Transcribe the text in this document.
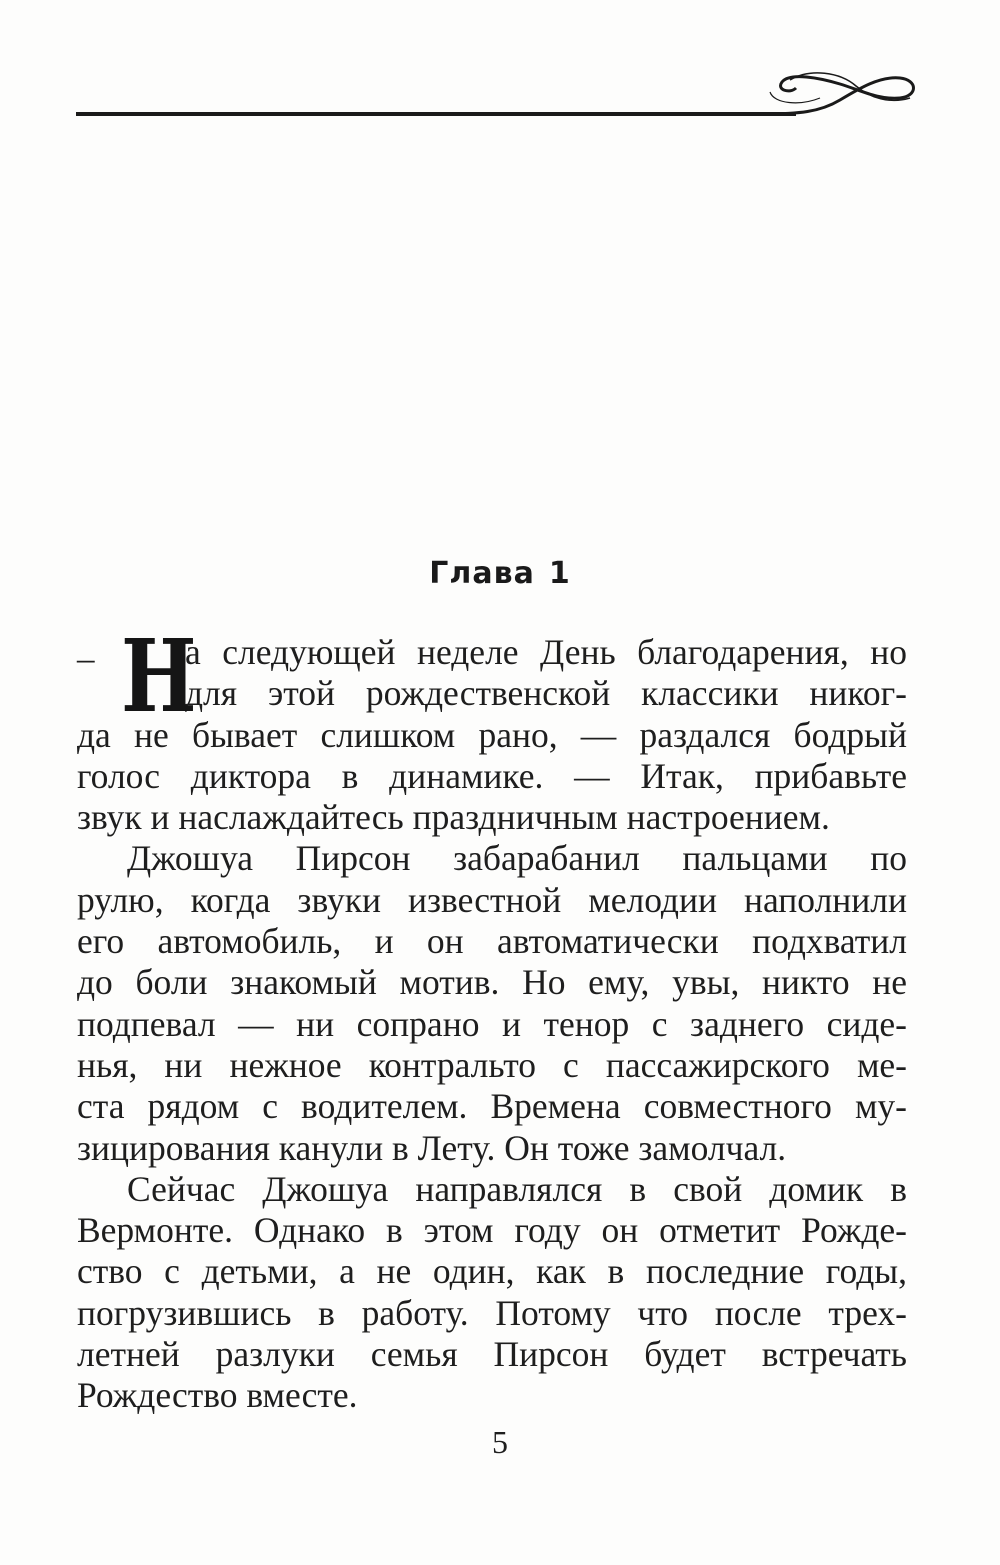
Глава 1
– Н
а следующей неделе День благодарения, но
для этой рождественской классики никог-
да не бывает слишком рано, — раздался бодрый
голос диктора в динамике. — Итак, прибавьте
звук и наслаждайтесь праздничным настроением.
Джошуа Пирсон забарабанил пальцами по
рулю, когда звуки известной мелодии наполнили
его автомобиль, и он автоматически подхватил
до боли знакомый мотив. Но ему, увы, никто не
подпевал — ни сопрано и тенор с заднего сиде-
нья, ни нежное контральто с пассажирского ме-
ста рядом с водителем. Времена совместного му-
зицирования канули в Лету. Он тоже замолчал.
Сейчас Джошуа направлялся в свой домик в
Вермонте. Однако в этом году он отметит Рожде-
ство с детьми, а не один, как в последние годы,
погрузившись в работу. Потому что после трех-
летней разлуки семья Пирсон будет встречать
Рождество вместе.
5
